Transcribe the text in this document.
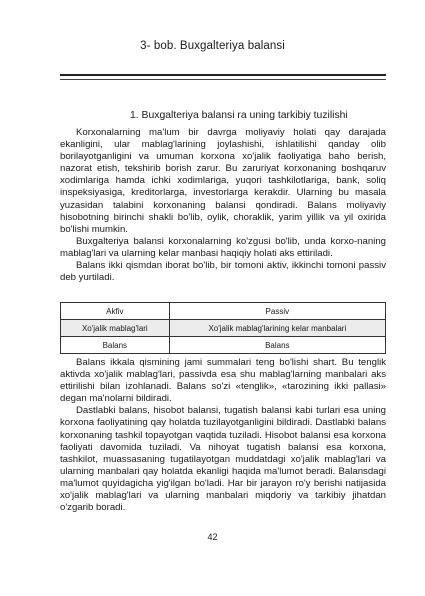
3- bob. Buxgalteriya balansi
1. Buxgalteriya balansi ra uning tarkibiy tuzilishi

Korxonalarning ma'lum bir davrga moliyaviy holati qay darajada ekanligini, ular mablag'larining joylashishi, ishlatilishi qanday olib borilayotganligini va umuman korxona xo'jalik faoliyatiga baho berish, nazorat etish, tekshirib borish zarur. Bu zaruriyat korxonaning boshqaruv xodimlariga hamda ichki xodimlariga, yuqori tashkilotlariga, bank, soliq inspeksiyasiga, kreditorlarga, investorlarga kerakdir. Ularning bu masala yuzasidan talabini korxonaning balansi qondiradi. Balans moliyaviy hisobotning birinchi shakli bo'lib, oylik, choraklik, yarim yillik va yil oxirida bo'lishi mumkin.

Buxgalteriya balansi korxonalarning ko'zgusi bo'lib, unda korxo-naning mablag'lari va ularning kelar manbasi haqiqiy holati aks ettiriladi.

Balans ikki qismdan iborat bo'lib, bir tomoni aktiv, ikkinchi tomoni passiv deb yurtiladi.

Akfiv	Passiv
Xo'jalik mablag'lari	Xo'jalik mablag'larining kelar manbalari
Balans	Balans

Balans ikkala qismining jami summalari teng bo'lishi shart. Bu tenglik aktivda xo'jalik mablag'lari, passivda esa shu mablag'larning manbalari aks ettirilishi bilan izohlanadi. Balans so'zi «tenglik», «tarozining ikki pallasi» degan ma'nolarni bildiradi.

Dastlabki balans, hisobot balansi, tugatish balansi kabi turlari esa uning korxona faoliyatining qay holatda tuzilayotganligini bildiradi. Dastlabki balans korxonaning tashkil topayotgan vaqtida tuziladi. Hisobot balansi esa korxona faoliyati davomida tuziladi. Va nihoyat tugatish balansi esa korxona, tashkilot, muassasaning tugatilayotgan muddatdagi xo'jalik mablag'lari va ularning manbalari qay holatda ekanligi haqida ma'lumot beradi. Balansdagi ma'lumot quyidagicha yig'ilgan bo'ladi. Har bir jarayon ro'y berishi natijasida xo'jalik mablag'lari va ularning manbalari miqdoriy va tarkibiy jihatdan o'zgarib boradi.

42
